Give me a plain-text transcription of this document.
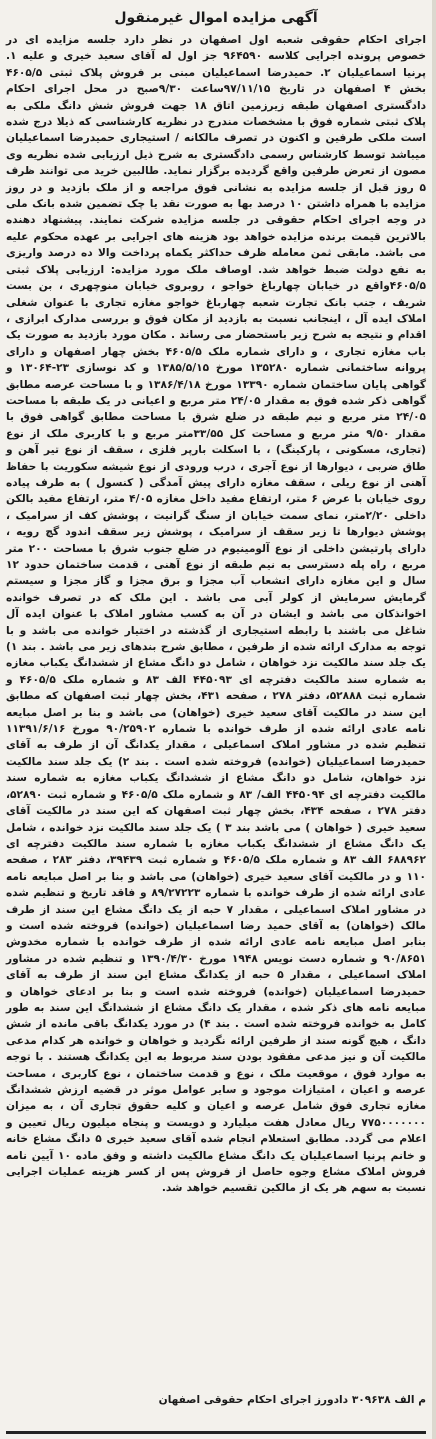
آگهی مزایده اموال غیرمنقول

اجرای احکام حقوقی شعبه اول اصفهان در نظر دارد جلسه مزایده ای در خصوص پرونده اجرایی کلاسه ۹۶۴۵۹۰ جز اول له آقای سعید خیری و علیه ۱. پرنیا اسماعیلیان ۲. حمیدرضا اسماعیلیان مبنی بر فروش پلاک ثبتی ۴۶۰۵/۵ بخش ۴ اصفهان در تاریخ ۹۷/۱۱/۱۵ساعت ۹/۳۰صبح در محل اجرای احکام دادگستری اصفهان طبقه زیرزمین اتاق ۱۸ جهت فروش شش دانگ ملکی به پلاک ثبتی شماره فوق با مشخصات مندرج در نظریه کارشناسی که ذیلا درج شده است ملکی طرفین و اکنون در تصرف مالکانه / استیجاری حمیدرضا اسماعیلیان میباشد توسط کارشناس رسمی دادگستری به شرح ذیل ارزیابی شده نظریه وی مصون از تعرض طرفین واقع گردیده برگزار نماید. طالبین خرید می توانند ظرف ۵ روز قبل از جلسه مزایده به نشانی فوق مراجعه و از ملک بازدید و در روز مزایده با همراه داشتن ۱۰ درصد بها به صورت نقد یا چک تضمین شده بانک ملی در وجه اجرای احکام حقوقی در جلسه مزایده شرکت نمایند. پیشنهاد دهنده بالاترین قیمت برنده مزایده خواهد بود هزینه های اجرایی بر عهده محکوم علیه می باشد. مابقی ثمن معامله ظرف حداکثر یکماه پرداخت والا ده درصد واریزی به نفع دولت ضبط خواهد شد. اوصاف ملک مورد مزایده: ارزیابی پلاک ثبتی ۴۶۰۵/۵واقع در خیابان چهارباغ خواجو ، روبروی خیابان منوچهری ، بن بست شریف ، جنب بانک تجارت شعبه چهارباغ خواجو مغازه تجاری با عنوان شغلی املاک ایده آل ، اینجانب نسبت به بازدید از مکان فوق و بررسی مدارک ابرازی ، اقدام و نتیجه به شرح زیر باستحضار می رساند . مکان مورد بازدید به صورت یک باب مغازه تجاری ، و دارای شماره ملک ۴۶۰۵/۵ بخش چهار اصفهان و دارای پروانه ساختمانی شماره ۱۳۵۲۸۰ مورخ ۱۳۸۵/۵/۱۵ و کد نوسازی ۲۳-۱۳۰۶۴ و گواهی پایان ساختمان شماره ۱۳۳۹۰ مورخ ۱۳۸۶/۴/۱۸ و با مساحت عرصه مطابق گواهی ذکر شده فوق به مقدار ۲۴/۰۵ متر مربع و اعیانی در یک طبقه با مساحت ۲۴/۰۵ متر مربع و نیم طبقه در ضلع شرق با مساحت مطابق گواهی فوق با مقدار ۹/۵۰ متر مربع و مساحت کل ۳۳/۵۵متر مربع و با کاربری ملک از نوع (تجاری، مسکونی ، پارکینگ) ، با اسکلت بارپر فلزی ، سقف از نوع تیر آهن و طاق ضربی ، دیوارها از نوع آجری ، درب ورودی از نوع شیشه سکوریت با حفاظ آهنی از نوع ریلی ، سقف مغازه دارای پیش آمدگی ( کنسول ) به طرف پیاده روی خیابان با عرض ۶ متر، ارتفاع مفید داخل مغازه ۴/۰۵ متر، ارتفاع مفید بالکن داخلی ۲/۲۰متر، نمای سمت خیابان از سنگ گرانیت ، پوشش کف از سرامیک ، پوشش دیوارها تا زیر سقف از سرامیک ، پوشش زیر سقف اندود گچ رویه ، دارای پارتیشن داخلی از نوع آلومینیوم در ضلع جنوب شرق با مساحت ۲۰۰ متر مربع ، راه پله دسترسی به نیم طبقه از نوع آهنی ، قدمت ساختمان حدود ۱۲ سال و این مغازه دارای انشعاب آب مجزا و برق مجزا و گاز مجزا و سیستم گرمایش سرمایش از کولر آبی می باشد . این ملک که در تصرف خوانده اخوانذکان می باشد و ایشان در آن به کسب مشاور املاک با عنوان ایده آل شاغل می باشند با رابطه استیجاری از گذشته در اختیار خوانده می باشد و با توجه به مدارک ارائه شده از طرفین ، مطابق شرح بندهای زیر می باشد . بند ۱) یک جلد سند مالکیت نزد خواهان ، شامل دو دانگ مشاع از ششدانگ یکباب مغازه به شماره سند مالکیت دفترچه ای ۴۴۵۰۹۳ الف ۸۳ و شماره ملک ۴۶۰۵/۵ و شماره ثبت ۵۲۸۸۸، دفتر ۲۷۸ ، صفحه ۴۳۱، بخش چهار ثبت اصفهان که مطابق این سند در مالکیت آقای سعید خیری (خواهان) می باشد و بنا بر اصل مبایعه نامه عادی ارائه شده از طرف خوانده با شماره ۹۰/۲۵۹۰۲ مورخ ۱۱۳۹۱/۶/۱۶ تنظیم شده در مشاور املاک اسماعیلی ، مقدار یکدانگ آن از طرف به آقای حمیدرضا اسماعیلیان (خوانده) فروخته شده است . بند ۲) یک جلد سند مالکیت نزد خواهان، شامل دو دانگ مشاع از ششدانگ یکباب مغازه به شماره سند مالکیت دفترچه ای ۴۴۵۰۹۴ الف/ ۸۳ و شماره ملک ۴۶۰۵/۵ و شماره ثبت ۵۲۸۹۰، دفتر ۲۷۸ ، صفحه ۴۳۴، بخش چهار ثبت اصفهان که این سند در مالکیت آقای سعید خیری ( خواهان ) می باشد بند ۳ ) یک جلد سند مالکیت نزد خوانده ، شامل یک دانگ مشاع از ششدانگ یکباب مغازه با شماره سند مالکیت دفترچه ای ۶۸۸۹۶۲ الف ۸۳ و شماره ملک ۴۶۰۵/۵ و شماره ثبت ۳۹۴۳۹، دفتر ۲۸۳ ، صفحه ۱۱۰ و در مالکیت آقای سعید خیری (خواهان) می باشد و بنا بر اصل مبایعه نامه عادی ارائه شده از طرف خوانده با شماره ۸۹/۲۷۲۲۳ و فاقد تاریخ و تنظیم شده در مشاور املاک اسماعیلی ، مقدار ۷ حبه از یک دانگ مشاع این سند از طرف مالک (خواهان) به آقای حمید رضا اسماعیلیان (خوانده) فروخته شده است و بنابر اصل مبایعه نامه عادی ارائه شده از طرف خوانده با شماره مخدوش ۹۰/۸۶۵۱ و شماره دست نویس ۱۹۴۸ مورخ ۱۳۹۰/۴/۳۰ و تنظیم شده در مشاور املاک اسماعیلی ، مقدار ۵ حبه از یکدانگ مشاع این سند از طرف به آقای حمیدرضا اسماعیلیان (خوانده) فروخته شده است و بنا بر ادعای خواهان و مبایعه نامه های ذکر شده ، مقدار یک دانگ مشاع از ششدانگ این سند به طور کامل به خوانده فروخته شده است . بند ۴) در مورد یکدانگ باقی مانده از شش دانگ ، هیچ گونه سند از طرفین ارائه نگردید و خواهان و خوانده هر کدام مدعی مالکیت آن و نیز مدعی مفقود بودن سند مربوط به این یکدانگ هستند . با توجه به موارد فوق ، موقعیت ملک ، نوع و قدمت ساختمان ، نوع کاربری ، مساحت عرصه و اعیان ، امتیازات موجود و سایر عوامل موثر در قضیه ارزش ششدانگ مغازه تجاری فوق شامل عرصه و اعیان و کلیه حقوق تجاری آن ، به میزان ۷۷۵۰۰۰۰۰۰۰ ریال معادل هفت میلیارد و دویست و پنجاه میلیون ریال تعیین و اعلام می گردد. مطابق استعلام انجام شده آقای سعید خیری ۵ دانگ مشاع خانه و خانم پرنیا اسماعیلیان یک دانگ مشاع مالکیت داشته و وفق ماده ۱۰ آیین نامه فروش املاک مشاع وجوه حاصل از فروش پس از کسر هزینه عملیات اجرایی نسبت به سهم هر یک از مالکین تقسیم خواهد شد.

م الف ۳۰۹۶۳۸ دادورز اجرای احکام حقوقی اصفهان
